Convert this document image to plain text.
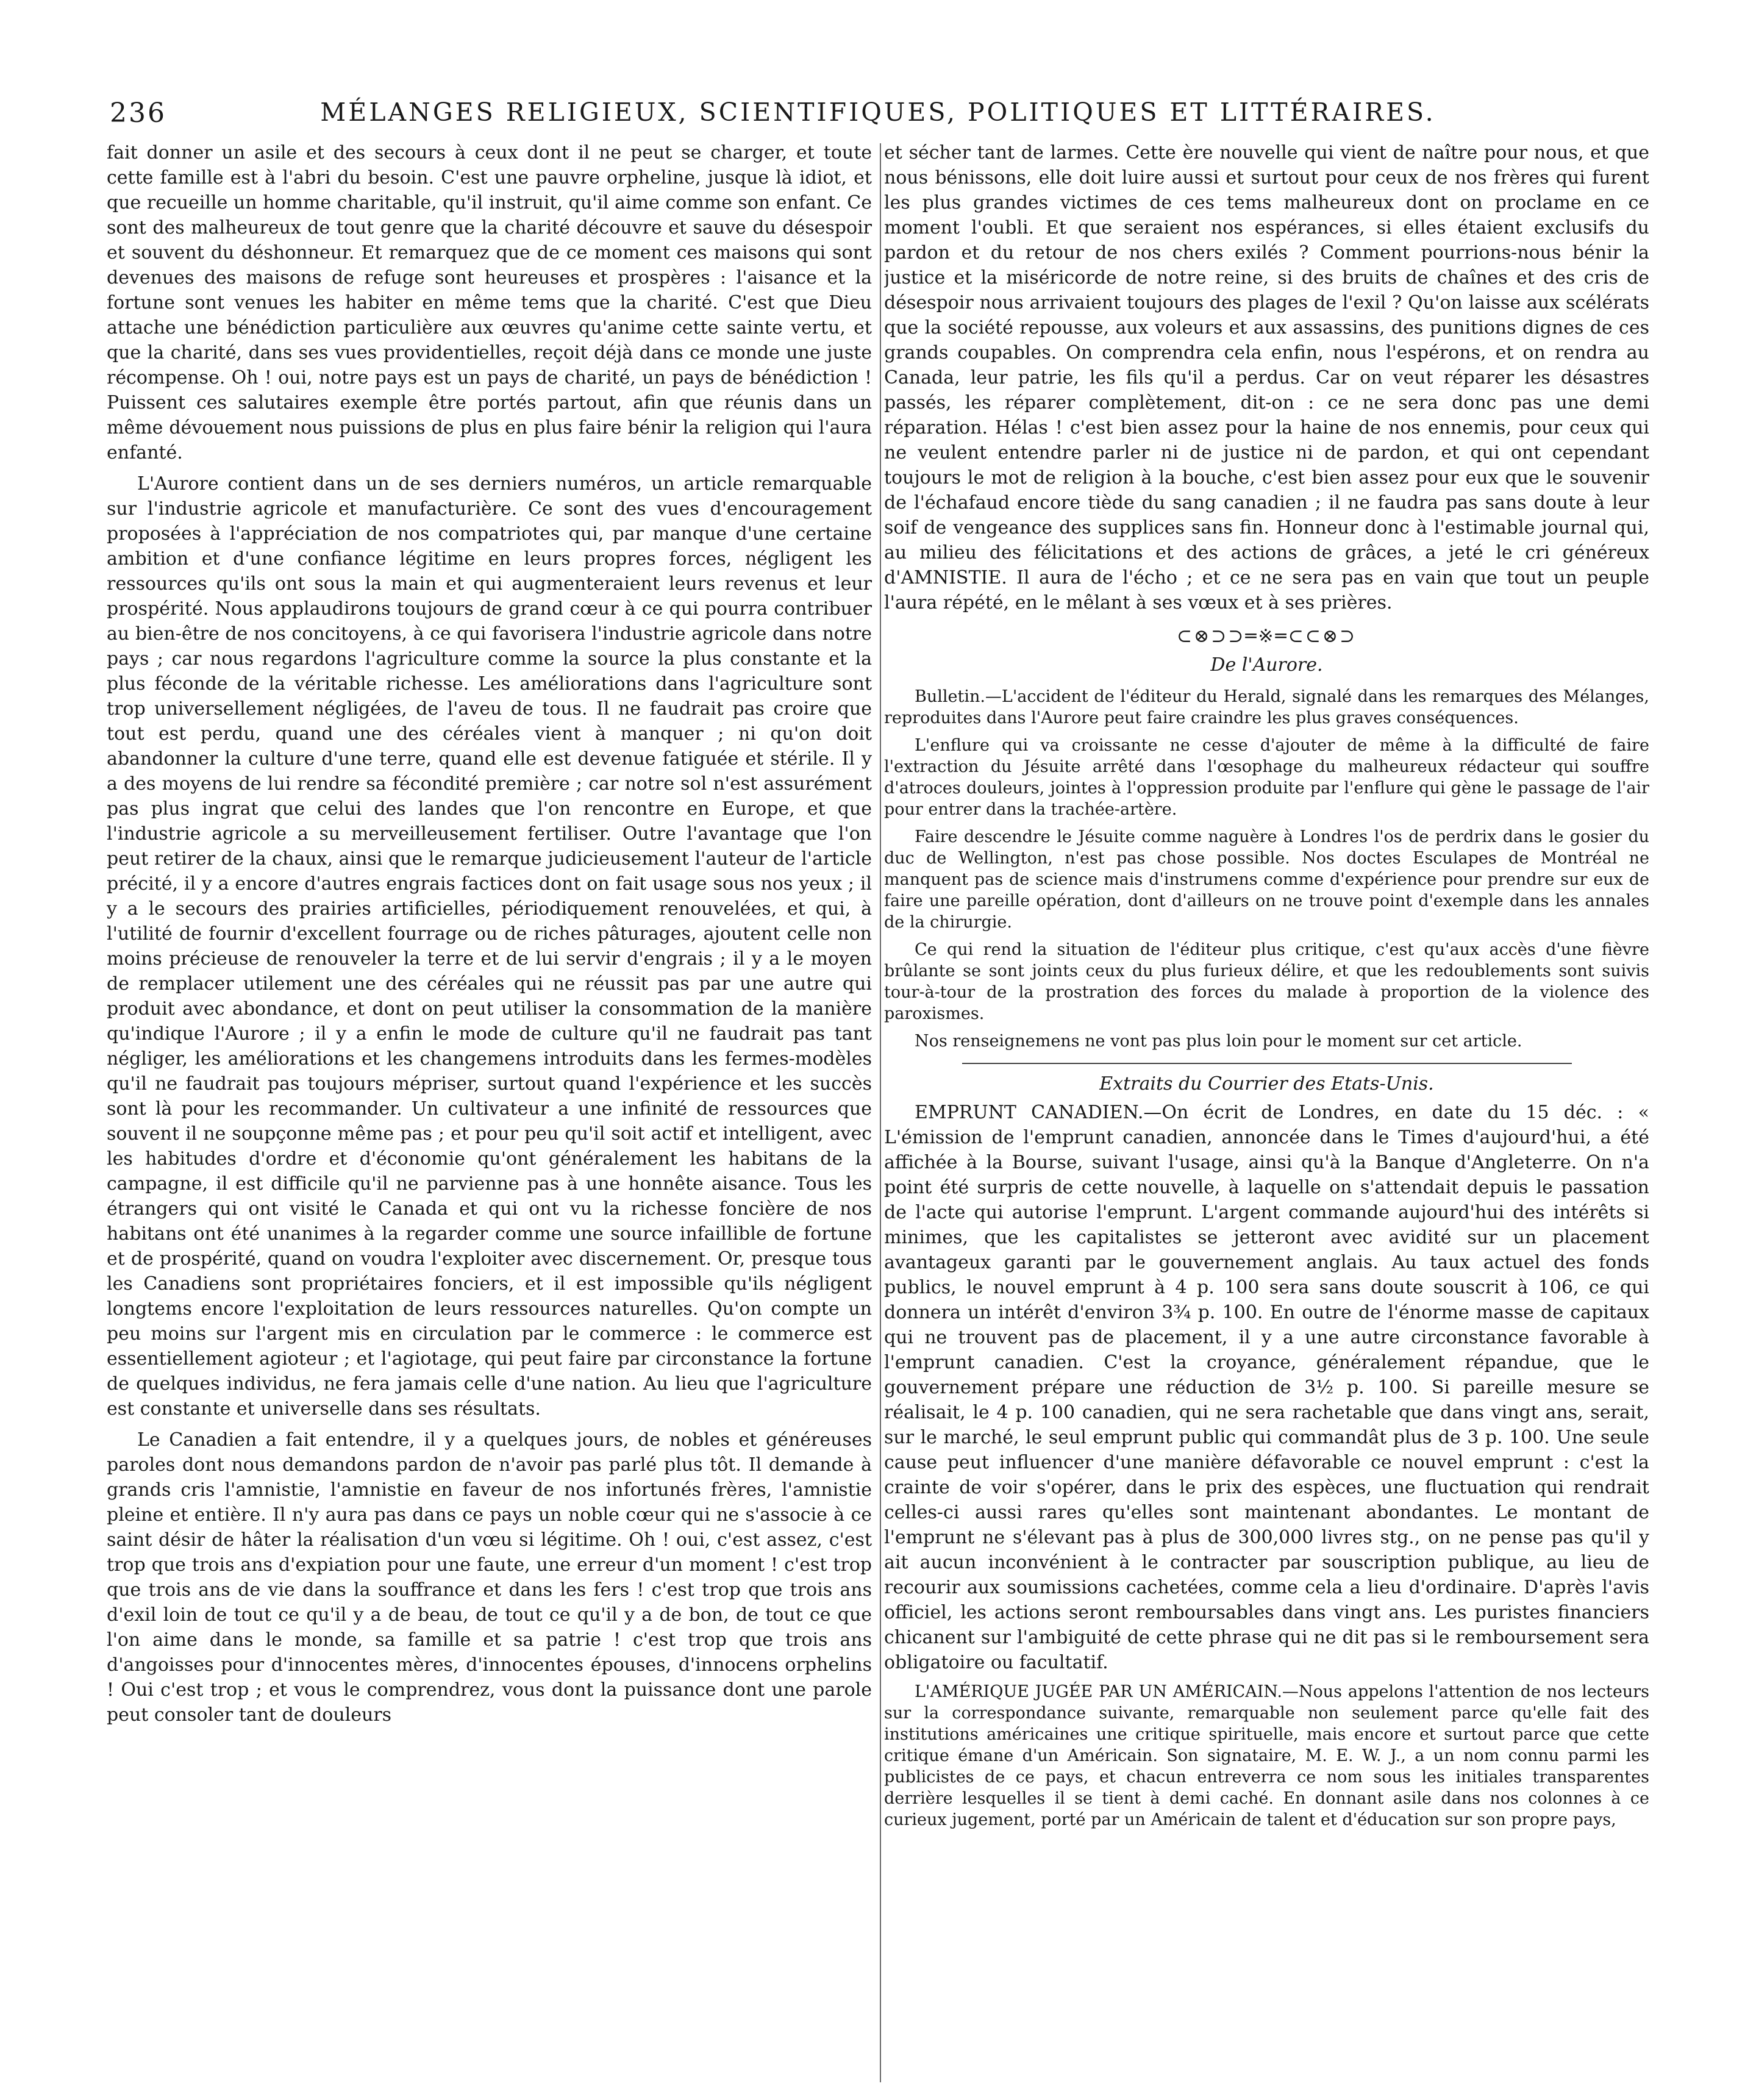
236	MÉLANGES RELIGIEUX, SCIENTIFIQUES, POLITIQUES ET LITTÉRAIRES.

fait donner un asile et des secours à ceux dont il ne peut se charger, et toute cette famille est à l'abri du besoin. C'est une pauvre orpheline, jusque là idiot, et que recueille un homme charitable, qu'il instruit, qu'il aime comme son enfant. Ce sont des malheureux de tout genre que la charité découvre et sauve du désespoir et souvent du déshonneur. Et remarquez que de ce moment ces maisons qui sont devenues des maisons de refuge sont heureuses et prospères : l'aisance et la fortune sont venues les habiter en même tems que la charité. C'est que Dieu attache une bénédiction particulière aux œuvres qu'anime cette sainte vertu, et que la charité, dans ses vues providentielles, reçoit déjà dans ce monde une juste récompense. Oh ! oui, notre pays est un pays de charité, un pays de bénédiction ! Puissent ces salutaires exemple être portés partout, afin que réunis dans un même dévouement nous puissions de plus en plus faire bénir la religion qui l'aura enfanté.

L'Aurore contient dans un de ses derniers numéros, un article remarquable sur l'industrie agricole et manufacturière. Ce sont des vues d'encouragement proposées à l'appréciation de nos compatriotes qui, par manque d'une certaine ambition et d'une confiance légitime en leurs propres forces, négligent les ressources qu'ils ont sous la main et qui augmenteraient leurs revenus et leur prospérité. Nous applaudirons toujours de grand cœur à ce qui pourra contribuer au bien-être de nos concitoyens, à ce qui favorisera l'industrie agricole dans notre pays ; car nous regardons l'agriculture comme la source la plus constante et la plus féconde de la véritable richesse. Les améliorations dans l'agriculture sont trop universellement négligées, de l'aveu de tous. Il ne faudrait pas croire que tout est perdu, quand une des céréales vient à manquer ; ni qu'on doit abandonner la culture d'une terre, quand elle est devenue fatiguée et stérile. Il y a des moyens de lui rendre sa fécondité première ; car notre sol n'est assurément pas plus ingrat que celui des landes que l'on rencontre en Europe, et que l'industrie agricole a su merveilleusement fertiliser. Outre l'avantage que l'on peut retirer de la chaux, ainsi que le remarque judicieusement l'auteur de l'article précité, il y a encore d'autres engrais factices dont on fait usage sous nos yeux ; il y a le secours des prairies artificielles, périodiquement renouvelées, et qui, à l'utilité de fournir d'excellent fourrage ou de riches pâturages, ajoutent celle non moins précieuse de renouveler la terre et de lui servir d'engrais ; il y a le moyen de remplacer utilement une des céréales qui ne réussit pas par une autre qui produit avec abondance, et dont on peut utiliser la consommation de la manière qu'indique l'Aurore ; il y a enfin le mode de culture qu'il ne faudrait pas tant négliger, les améliorations et les changemens introduits dans les fermes-modèles qu'il ne faudrait pas toujours mépriser, surtout quand l'expérience et les succès sont là pour les recommander. Un cultivateur a une infinité de ressources que souvent il ne soupçonne même pas ; et pour peu qu'il soit actif et intelligent, avec les habitudes d'ordre et d'économie qu'ont généralement les habitans de la campagne, il est difficile qu'il ne parvienne pas à une honnête aisance. Tous les étrangers qui ont visité le Canada et qui ont vu la richesse foncière de nos habitans ont été unanimes à la regarder comme une source infaillible de fortune et de prospérité, quand on voudra l'exploiter avec discernement. Or, presque tous les Canadiens sont propriétaires fonciers, et il est impossible qu'ils négligent longtems encore l'exploitation de leurs ressources naturelles. Qu'on compte un peu moins sur l'argent mis en circulation par le commerce : le commerce est essentiellement agioteur ; et l'agiotage, qui peut faire par circonstance la fortune de quelques individus, ne fera jamais celle d'une nation. Au lieu que l'agriculture est constante et universelle dans ses résultats.

Le Canadien a fait entendre, il y a quelques jours, de nobles et généreuses paroles dont nous demandons pardon de n'avoir pas parlé plus tôt. Il demande à grands cris l'amnistie, l'amnistie en faveur de nos infortunés frères, l'amnistie pleine et entière. Il n'y aura pas dans ce pays un noble cœur qui ne s'associe à ce saint désir de hâter la réalisation d'un vœu si légitime. Oh ! oui, c'est assez, c'est trop que trois ans d'expiation pour une faute, une erreur d'un moment ! c'est trop que trois ans de vie dans la souffrance et dans les fers ! c'est trop que trois ans d'exil loin de tout ce qu'il y a de beau, de tout ce qu'il y a de bon, de tout ce que l'on aime dans le monde, sa famille et sa patrie ! c'est trop que trois ans d'angoisses pour d'innocentes mères, d'innocentes épouses, d'innocens orphelins ! Oui c'est trop ; et vous le comprendrez, vous dont la puissance dont une parole peut consoler tant de douleurs

et sécher tant de larmes. Cette ère nouvelle qui vient de naître pour nous, et que nous bénissons, elle doit luire aussi et surtout pour ceux de nos frères qui furent les plus grandes victimes de ces tems malheureux dont on proclame en ce moment l'oubli. Et que seraient nos espérances, si elles étaient exclusifs du pardon et du retour de nos chers exilés ? Comment pourrions-nous bénir la justice et la miséricorde de notre reine, si des bruits de chaînes et des cris de désespoir nous arrivaient toujours des plages de l'exil ? Qu'on laisse aux scélérats que la société repousse, aux voleurs et aux assassins, des punitions dignes de ces grands coupables. On comprendra cela enfin, nous l'espérons, et on rendra au Canada, leur patrie, les fils qu'il a perdus. Car on veut réparer les désastres passés, les réparer complètement, dit-on : ce ne sera donc pas une demi réparation. Hélas ! c'est bien assez pour la haine de nos ennemis, pour ceux qui ne veulent entendre parler ni de justice ni de pardon, et qui ont cependant toujours le mot de religion à la bouche, c'est bien assez pour eux que le souvenir de l'échafaud encore tiède du sang canadien ; il ne faudra pas sans doute à leur soif de vengeance des supplices sans fin. Honneur donc à l'estimable journal qui, au milieu des félicitations et des actions de grâces, a jeté le cri généreux d'AMNISTIE. Il aura de l'écho ; et ce ne sera pas en vain que tout un peuple l'aura répété, en le mêlant à ses vœux et à ses prières.

⊂⊗⊃⊃═※═⊂⊂⊗⊃
De l'Aurore.

Bulletin.—L'accident de l'éditeur du Herald, signalé dans les remarques des Mélanges, reproduites dans l'Aurore peut faire craindre les plus graves conséquences.

L'enflure qui va croissante ne cesse d'ajouter de même à la difficulté de faire l'extraction du Jésuite arrêté dans l'œsophage du malheureux rédacteur qui souffre d'atroces douleurs, jointes à l'oppression produite par l'enflure qui gène le passage de l'air pour entrer dans la trachée-artère.

Faire descendre le Jésuite comme naguère à Londres l'os de perdrix dans le gosier du duc de Wellington, n'est pas chose possible. Nos doctes Esculapes de Montréal ne manquent pas de science mais d'instrumens comme d'expérience pour prendre sur eux de faire une pareille opération, dont d'ailleurs on ne trouve point d'exemple dans les annales de la chirurgie.

Ce qui rend la situation de l'éditeur plus critique, c'est qu'aux accès d'une fièvre brûlante se sont joints ceux du plus furieux délire, et que les redoublements sont suivis tour-à-tour de la prostration des forces du malade à proportion de la violence des paroxismes.

Nos renseignemens ne vont pas plus loin pour le moment sur cet article.

Extraits du Courrier des Etats-Unis.

EMPRUNT CANADIEN.—On écrit de Londres, en date du 15 déc. : « L'émission de l'emprunt canadien, annoncée dans le Times d'aujourd'hui, a été affichée à la Bourse, suivant l'usage, ainsi qu'à la Banque d'Angleterre. On n'a point été surpris de cette nouvelle, à laquelle on s'attendait depuis le passation de l'acte qui autorise l'emprunt. L'argent commande aujourd'hui des intérêts si minimes, que les capitalistes se jetteront avec avidité sur un placement avantageux garanti par le gouvernement anglais. Au taux actuel des fonds publics, le nouvel emprunt à 4 p. 100 sera sans doute souscrit à 106, ce qui donnera un intérêt d'environ 3¾ p. 100. En outre de l'énorme masse de capitaux qui ne trouvent pas de placement, il y a une autre circonstance favorable à l'emprunt canadien. C'est la croyance, généralement répandue, que le gouvernement prépare une réduction de 3½ p. 100. Si pareille mesure se réalisait, le 4 p. 100 canadien, qui ne sera rachetable que dans vingt ans, serait, sur le marché, le seul emprunt public qui commandât plus de 3 p. 100. Une seule cause peut influencer d'une manière défavorable ce nouvel emprunt : c'est la crainte de voir s'opérer, dans le prix des espèces, une fluctuation qui rendrait celles-ci aussi rares qu'elles sont maintenant abondantes. Le montant de l'emprunt ne s'élevant pas à plus de 300,000 livres stg., on ne pense pas qu'il y ait aucun inconvénient à le contracter par souscription publique, au lieu de recourir aux soumissions cachetées, comme cela a lieu d'ordinaire. D'après l'avis officiel, les actions seront remboursables dans vingt ans. Les puristes financiers chicanent sur l'ambiguité de cette phrase qui ne dit pas si le remboursement sera obligatoire ou facultatif.

L'AMÉRIQUE JUGÉE PAR UN AMÉRICAIN.—Nous appelons l'attention de nos lecteurs sur la correspondance suivante, remarquable non seulement parce qu'elle fait des institutions américaines une critique spirituelle, mais encore et surtout parce que cette critique émane d'un Américain. Son signataire, M. E. W. J., a un nom connu parmi les publicistes de ce pays, et chacun entreverra ce nom sous les initiales transparentes derrière lesquelles il se tient à demi caché. En donnant asile dans nos colonnes à ce curieux jugement, porté par un Américain de talent et d'éducation sur son propre pays,
